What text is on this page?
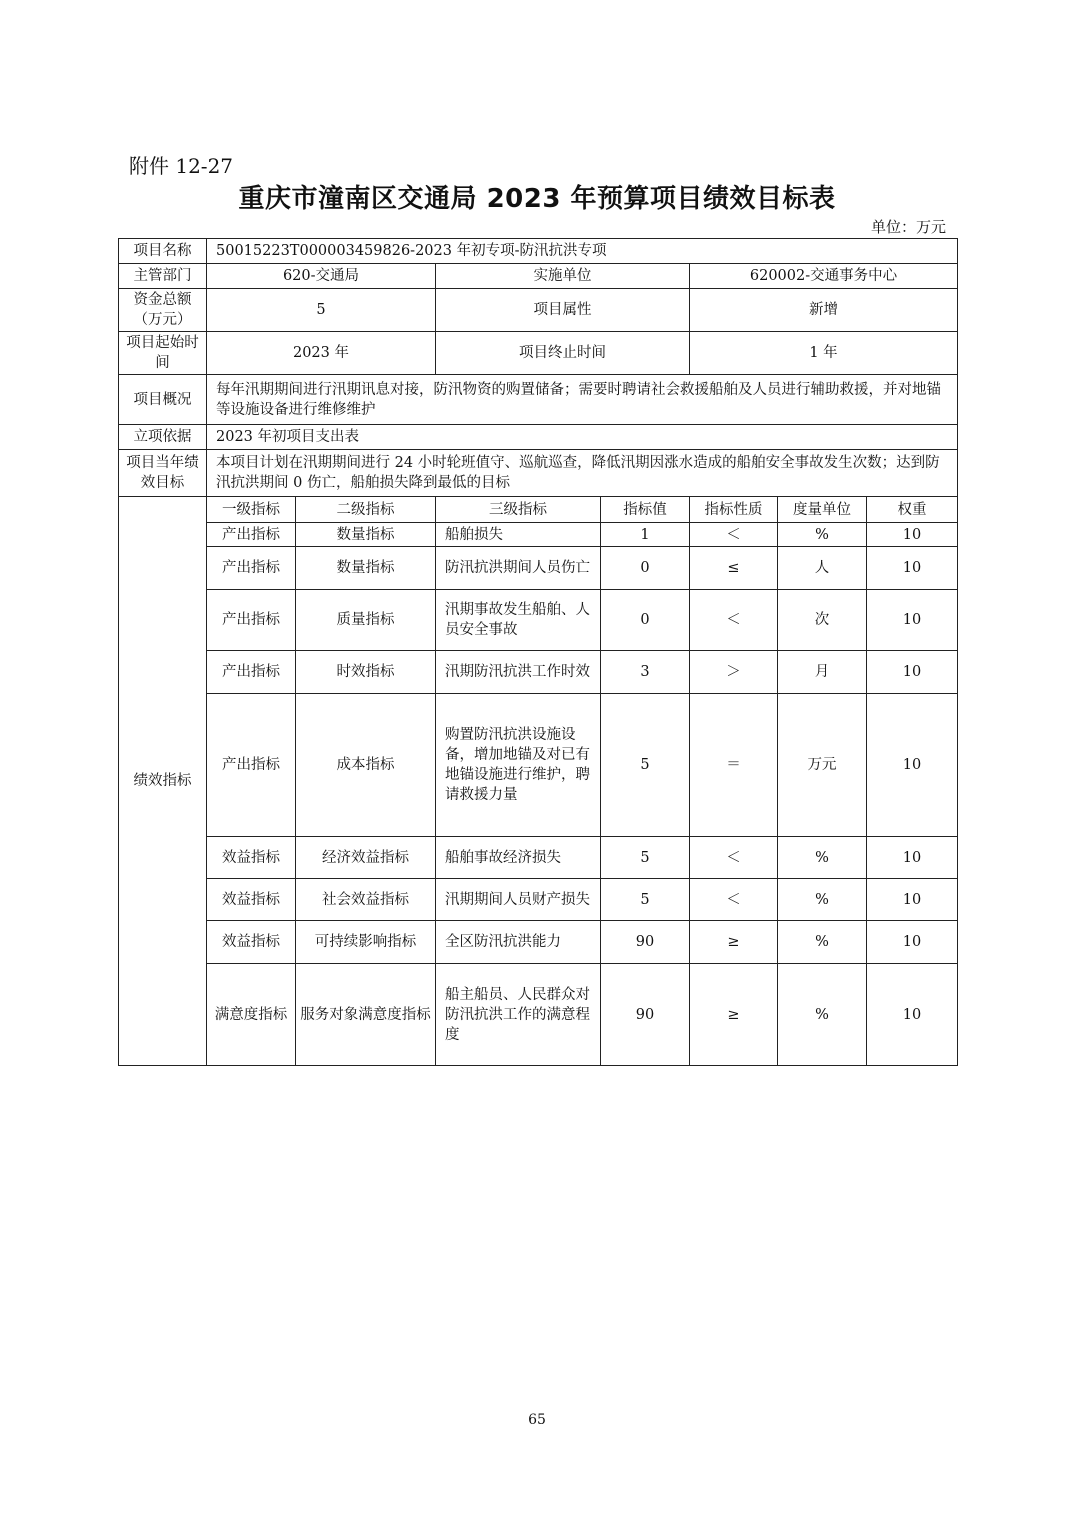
附件 12-27
重庆市潼南区交通局 2023 年预算项目绩效目标表
单位：万元
项目名称	50015223T000003459826-2023 年初专项-防汛抗洪专项						
主管部门	620-交通局		实施单位		620002-交通事务中心		
资金总额（万元）	5		项目属性		新增		
项目起始时间	2023 年		项目终止时间		1 年		
项目概况	每年汛期期间进行汛期讯息对接，防汛物资的购置储备；需要时聘请社会救援船舶及人员进行辅助救援，并对地锚等设施设备进行维修维护						
立项依据	2023 年初项目支出表						
项目当年绩效目标	本项目计划在汛期期间进行 24 小时轮班值守、巡航巡查，降低汛期因涨水造成的船舶安全事故发生次数；达到防汛抗洪期间 0 伤亡，船舶损失降到最低的目标						
绩效指标	一级指标	二级指标	三级指标	指标值	指标性质	度量单位	权重
	产出指标	数量指标	船舶损失	1	＜	%	10
	产出指标	数量指标	防汛抗洪期间人员伤亡	0	≤	人	10
	产出指标	质量指标	汛期事故发生船舶、人员安全事故	0	＜	次	10
	产出指标	时效指标	汛期防汛抗洪工作时效	3	＞	月	10
	产出指标	成本指标	购置防汛抗洪设施设备，增加地锚及对已有地锚设施进行维护，聘请救援力量	5	＝	万元	10
	效益指标	经济效益指标	船舶事故经济损失	5	＜	%	10
	效益指标	社会效益指标	汛期期间人员财产损失	5	＜	%	10
	效益指标	可持续影响指标	全区防汛抗洪能力	90	≥	%	10
	满意度指标	服务对象满意度指标	船主船员、人民群众对防汛抗洪工作的满意程度	90	≥	%	10
65
